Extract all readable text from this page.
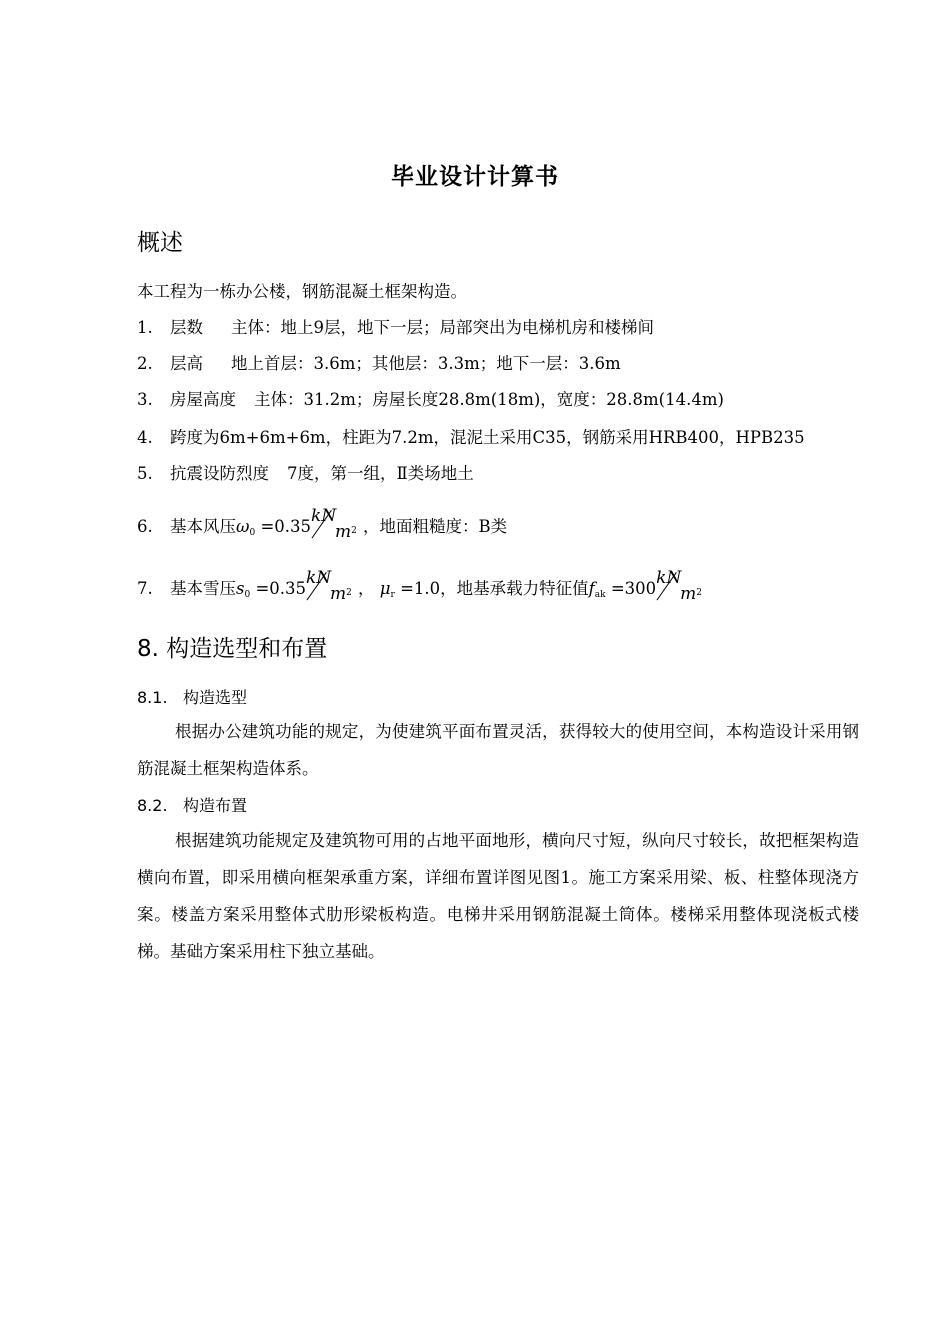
毕业设计计算书
概述
本工程为一栋办公楼，钢筋混凝土框架构造。
1. 层数 主体：地上9层，地下一层；局部突出为电梯机房和楼梯间
2. 层高 地上首层：3.6m；其他层：3.3m；地下一层：3.6m
3. 房屋高度 主体：31.2m；房屋长度28.8m(18m)，宽度：28.8m(14.4m)
4. 跨度为6m+6m+6m，柱距为7.2m，混泥土采用C35，钢筋采用HRB400，HPB235
5. 抗震设防烈度 7度，第一组，Ⅱ类场地土
6. 基本风压$\omega_0 =0.35$
kN
$m^2$ ，地面粗糙度：B类
7. 基本雪压$s_0 =0.35$
kN
$m^2$ ， $\mu_r =1.0$，地基承载力特征值$f_{ak} =300$
kN
$m^2$
8. 构造选型和布置
8.1. 构造选型
根据办公建筑功能的规定，为使建筑平面布置灵活，获得较大的使用空间，本构造设计采用钢筋混凝土框架构造体系。
8.2. 构造布置
根据建筑功能规定及建筑物可用的占地平面地形，横向尺寸短，纵向尺寸较长，故把框架构造横向布置，即采用横向框架承重方案，详细布置详图见图1。施工方案采用梁、板、柱整体现浇方案。楼盖方案采用整体式肋形梁板构造。电梯井采用钢筋混凝土筒体。楼梯采用整体现浇板式楼梯。基础方案采用柱下独立基础。
